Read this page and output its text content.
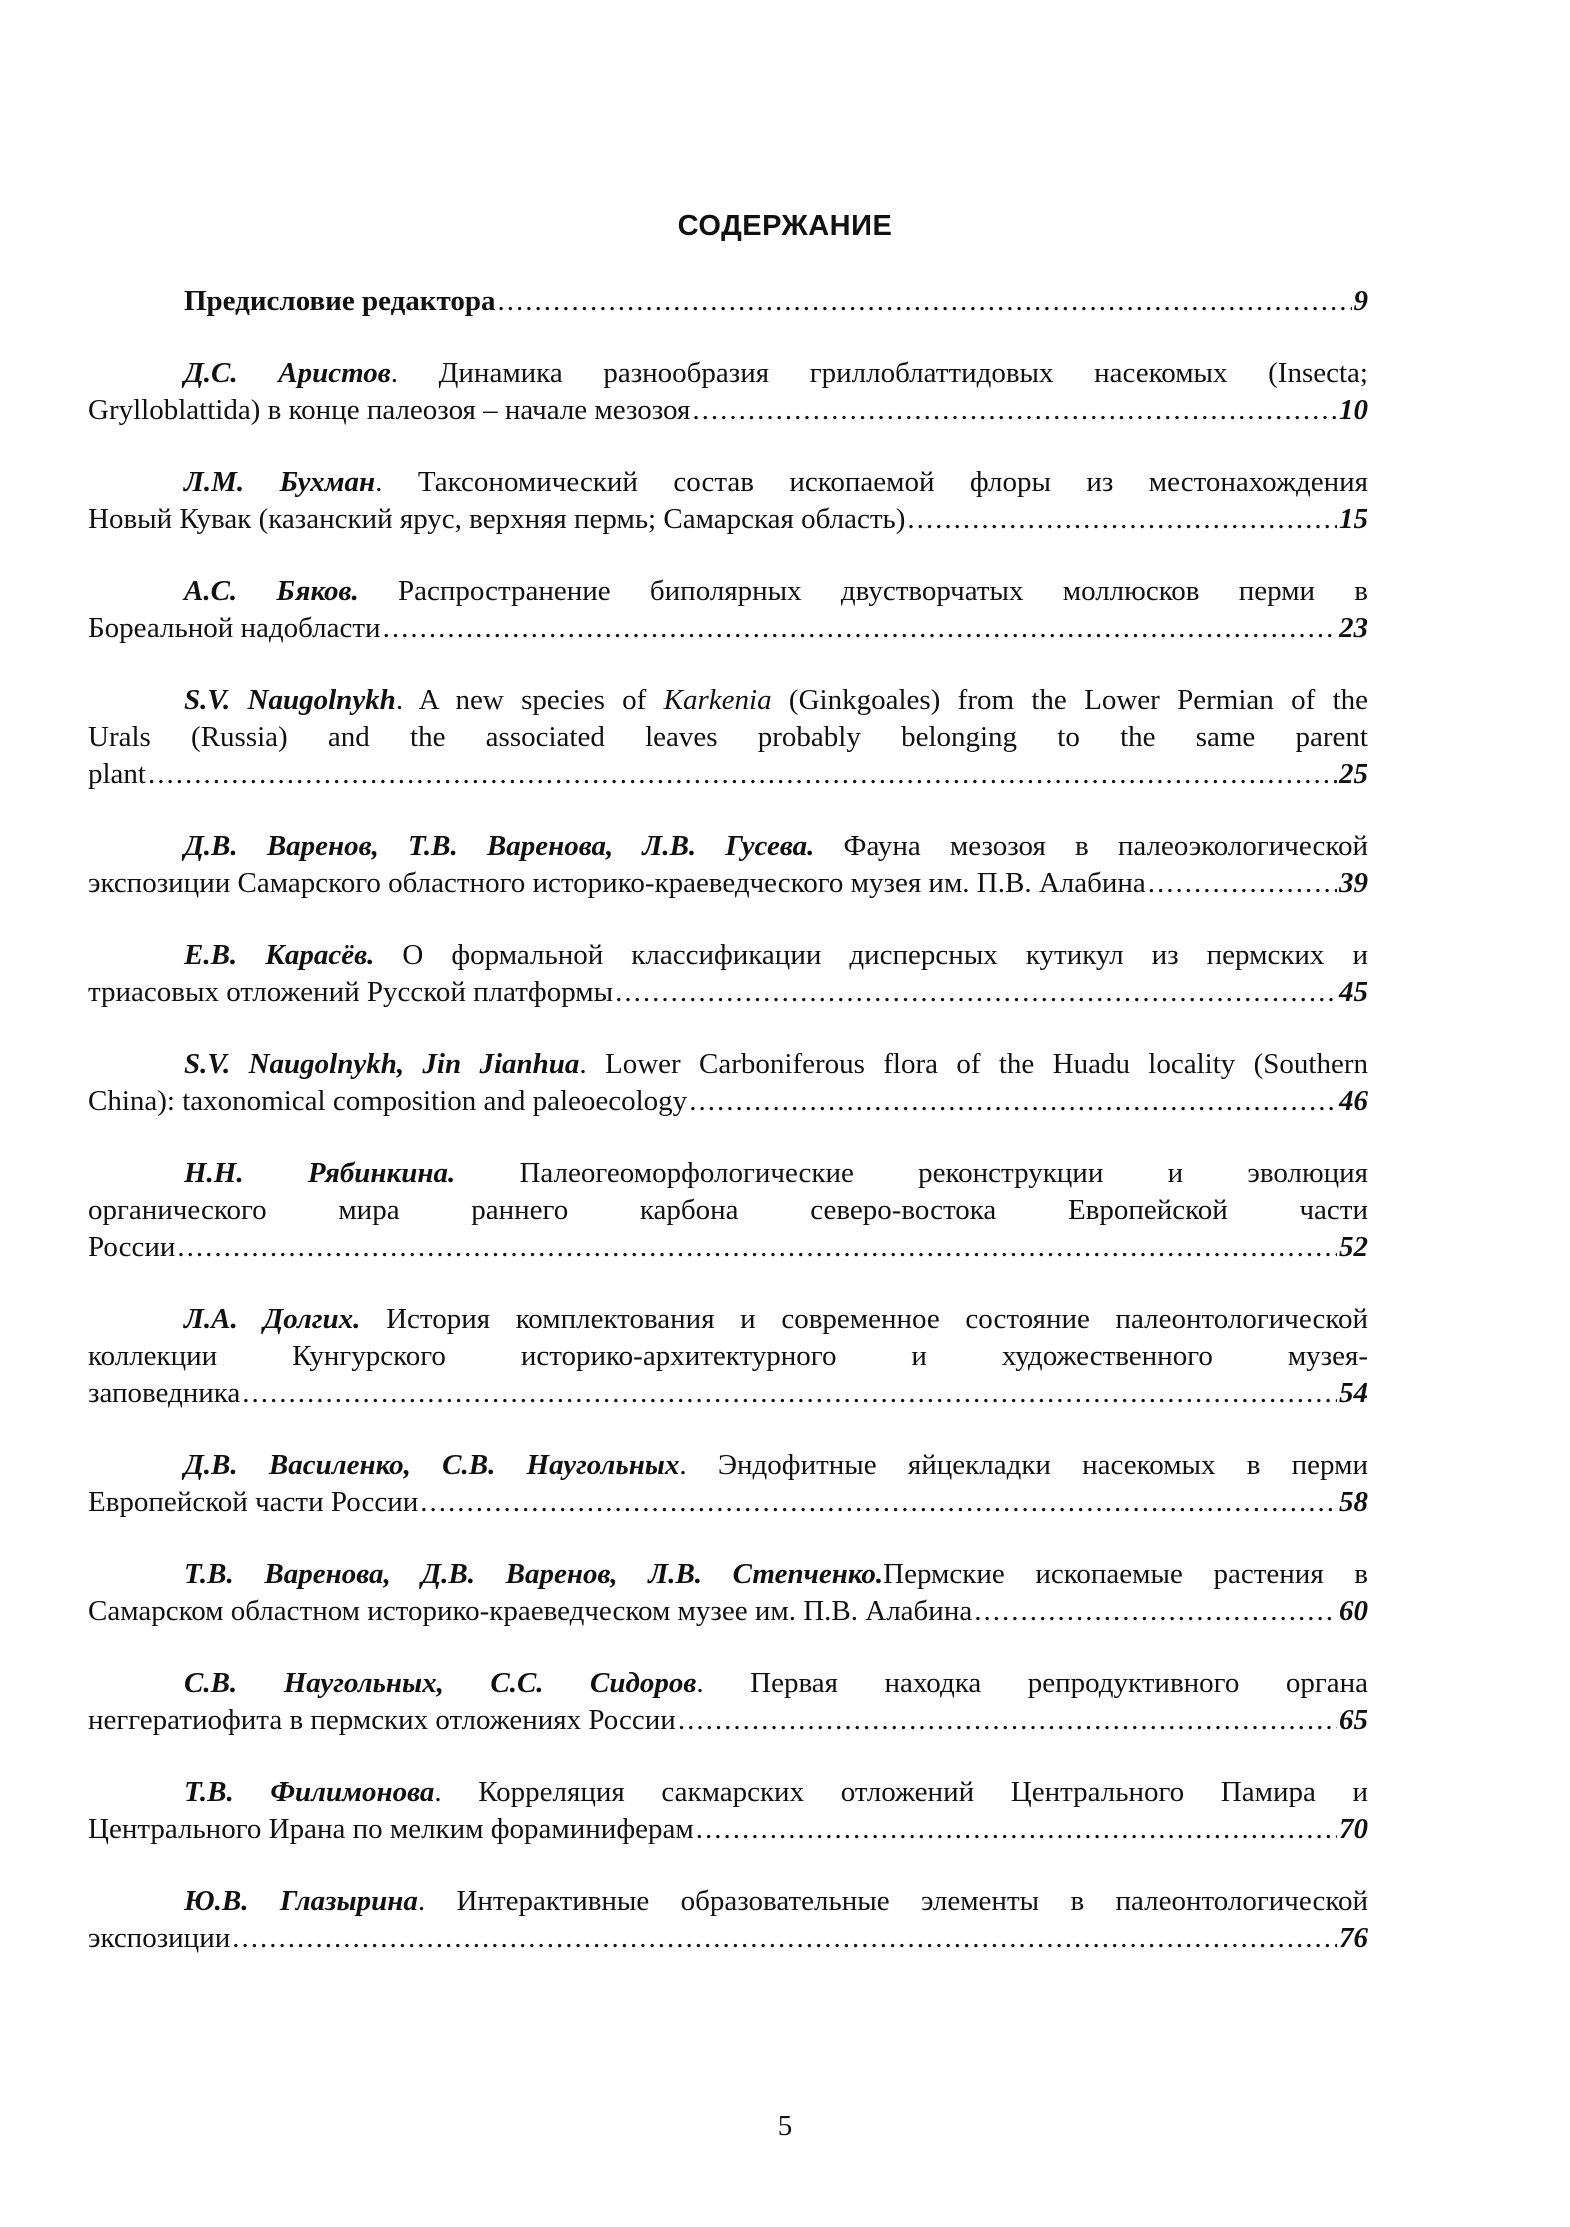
СОДЕРЖАНИЕ
Предисловие редактора .....	9
Д.С. Аристов. Динамика разнообразия гриллоблаттидовых насекомых (Insecta;
Grylloblattida) в конце палеозоя – начале мезозоя .....	10
Л.М. Бухман. Таксономический состав ископаемой флоры из местонахождения
Новый Кувак (казанский ярус, верхняя пермь; Самарская область) .....	15
А.С. Бяков. Распространение биполярных двустворчатых моллюсков перми в
Бореальной надобласти .....	23
S.V. Naugolnykh. A new species of Karkenia (Ginkgoales) from the Lower Permian of the
Urals (Russia) and the associated leaves probably belonging to the same parent
plant .....	25
Д.В. Варенов, Т.В. Варенова, Л.В. Гусева. Фауна мезозоя в палеоэкологической
экспозиции Самарского областного историко-краеведческого музея им. П.В. Алабина .....	39
Е.В. Карасёв. О формальной классификации дисперсных кутикул из пермских и
триасовых отложений Русской платформы .....	45
S.V. Naugolnykh, Jin Jianhua. Lower Carboniferous flora of the Huadu locality (Southern
China): taxonomical composition and paleoecology .....	46
Н.Н. Рябинкина. Палеогеоморфологические реконструкции и эволюция
органического мира раннего карбона северо-востока Европейской части
России .....	52
Л.А. Долгих. История комплектования и современное состояние палеонтологической
коллекции Кунгурского историко-архитектурного и художественного музея-
заповедника .....	54
Д.В. Василенко, С.В. Наугольных. Эндофитные яйцекладки насекомых в перми
Европейской части России .....	58
Т.В. Варенова, Д.В. Варенов, Л.В. Степченко.Пермские ископаемые растения в
Самарском областном историко-краеведческом музее им. П.В. Алабина .....	60
С.В. Наугольных, С.С. Сидоров. Первая находка репродуктивного органа
неггератиофита в пермских отложениях России .....	65
Т.В. Филимонова. Корреляция сакмарских отложений Центрального Памира и
Центрального Ирана по мелким фораминиферам .....	70
Ю.В. Глазырина. Интерактивные образовательные элементы в палеонтологической
экспозиции .....	76
5
